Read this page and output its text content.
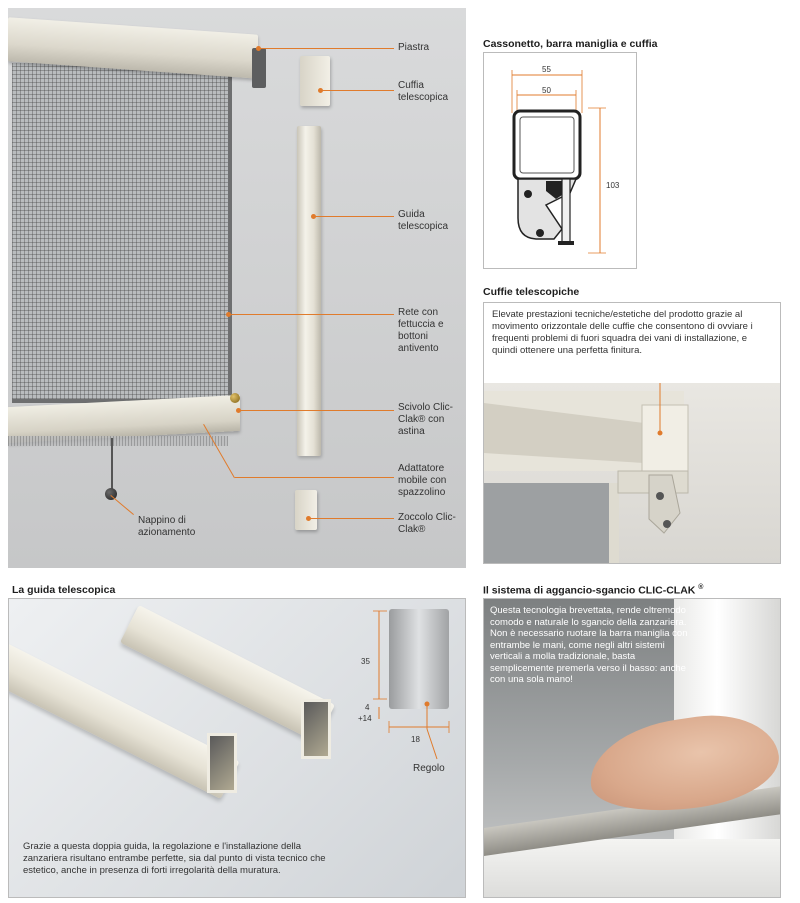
Piastra
Cuffia telescopica
Guida telescopica
Rete con fettuccia e bottoni antivento
Scivolo Clic-Clak® con astina
Adattatore mobile con spazzolino
Zoccolo Clic-Clak®
Nappino di azionamento
Cassonetto, barra maniglia e cuffia
55
50
103
Cuffie telescopiche
Elevate prestazioni tecniche/estetiche del prodotto grazie al movimento orizzontale delle cuffie che consentono di ovviare i frequenti problemi di fuori squadra dei vani di installazione, e quindi ottenere una perfetta finitura.
La guida telescopica
35
4
+14
18
Regolo
Grazie a questa doppia guida, la regolazione e l'installazione della zanzariera risultano entrambe perfette, sia dal punto di vista tecnico che estetico, anche in presenza di forti irregolarità della muratura.
Il sistema di aggancio-sgancio CLIC-CLAK ®
Questa tecnologia brevettata, rende oltremodo comodo e naturale lo sgancio della zanzariera. Non è necessario ruotare la barra maniglia con entrambe le mani, come negli altri sistemi verticali a molla tradizionale, basta semplicemente premerla verso il basso: anche con una sola mano!
